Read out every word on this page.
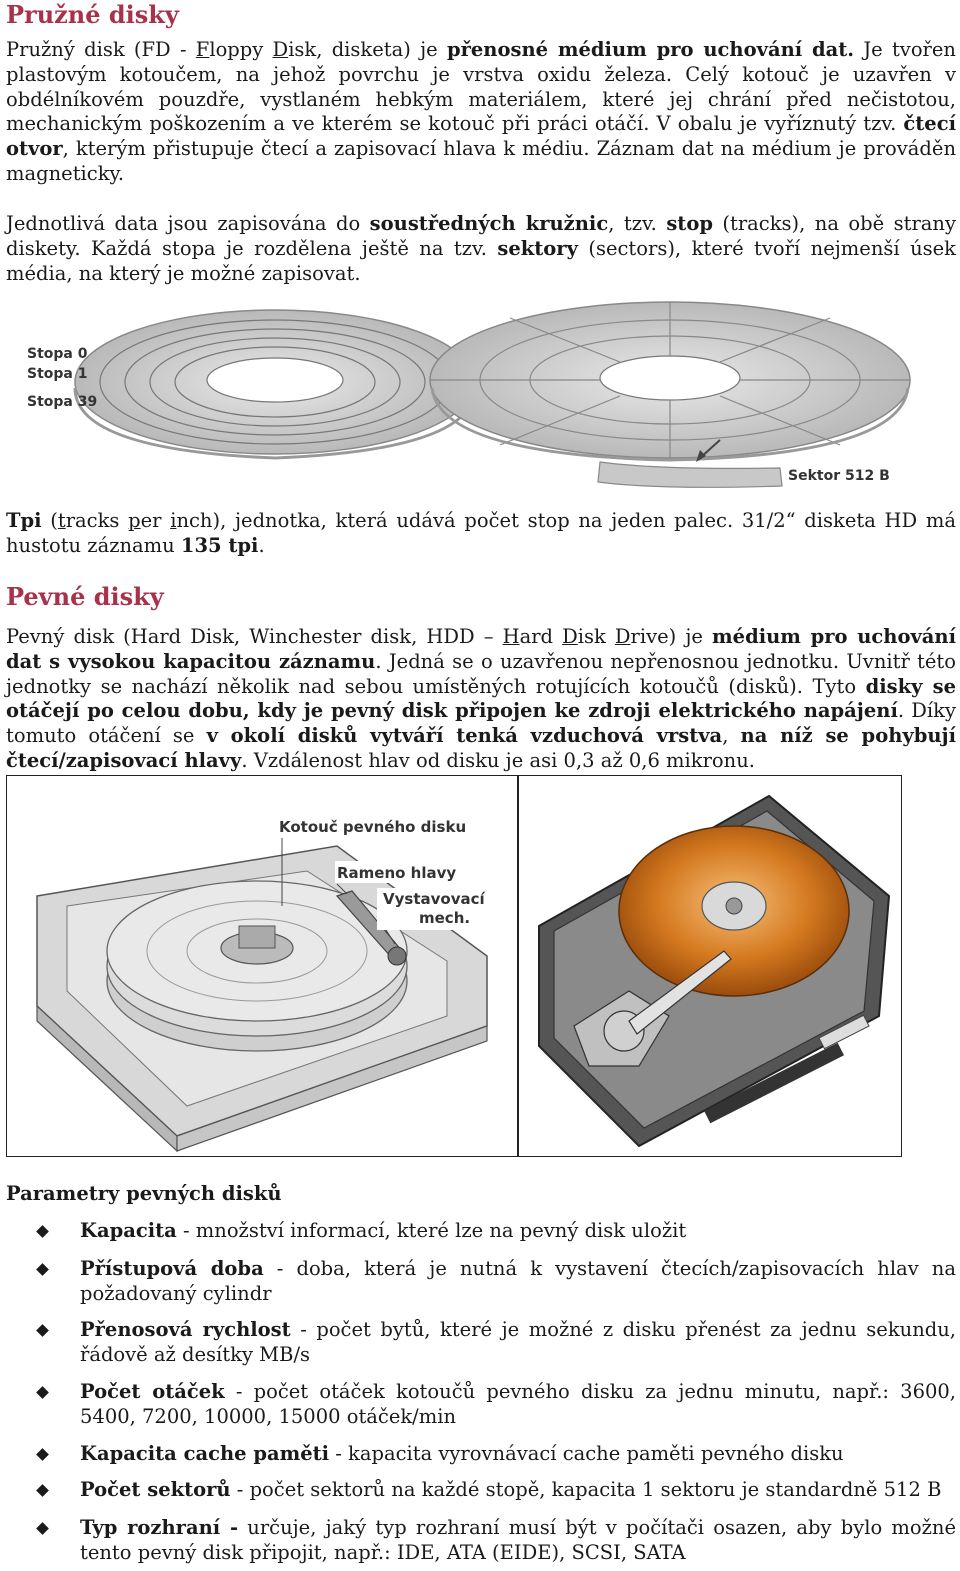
Pružné disky

Pružný disk (FD - Floppy Disk, disketa) je přenosné médium pro uchování dat. Je tvořen plastovým kotoučem, na jehož povrchu je vrstva oxidu železa. Celý kotouč je uzavřen v obdélníkovém pouzdře, vystlaném hebkým materiálem, které jej chrání před nečistotou, mechanickým poškozením a ve kterém se kotouč při práci otáčí. V obalu je vyříznutý tzv. čtecí otvor, kterým přistupuje čtecí a zapisovací hlava k médiu. Záznam dat na médium je prováděn magneticky.

Jednotlivá data jsou zapisována do soustředných kružnic, tzv. stop (tracks), na obě strany diskety. Každá stopa je rozdělena ještě na tzv. sektory (sectors), které tvoří nejmenší úsek média, na který je možné zapisovat.

Stopa 0
Stopa 1
Stopa 39
Sektor 512 B

Tpi (tracks per inch), jednotka, která udává počet stop na jeden palec. 31/2“ disketa HD má hustotu záznamu 135 tpi.

Pevné disky

Pevný disk (Hard Disk, Winchester disk, HDD – Hard Disk Drive) je médium pro uchování dat s vysokou kapacitou záznamu. Jedná se o uzavřenou nepřenosnou jednotku. Uvnitř této jednotky se nachází několik nad sebou umístěných rotujících kotoučů (disků). Tyto disky se otáčejí po celou dobu, kdy je pevný disk připojen ke zdroji elektrického napájení. Díky tomuto otáčení se v okolí disků vytváří tenká vzduchová vrstva, na níž se pohybují čtecí/zapisovací hlavy. Vzdálenost hlav od disku je asi 0,3 až 0,6 mikronu.

Kotouč pevného disku
Rameno hlavy
Vystavovací
mech.

Parametry pevných disků

Kapacita - množství informací, které lze na pevný disk uložit
Přístupová doba - doba, která je nutná k vystavení čtecích/zapisovacích hlav na požadovaný cylindr
Přenosová rychlost - počet bytů, které je možné z disku přenést za jednu sekundu, řádově až desítky MB/s
Počet otáček - počet otáček kotoučů pevného disku za jednu minutu, např.: 3600, 5400, 7200, 10000, 15000 otáček/min
Kapacita cache paměti - kapacita vyrovnávací cache paměti pevného disku
Počet sektorů - počet sektorů na každé stopě, kapacita 1 sektoru je standardně 512 B
Typ rozhraní - určuje, jaký typ rozhraní musí být v počítači osazen, aby bylo možné tento pevný disk připojit, např.: IDE, ATA (EIDE), SCSI, SATA
